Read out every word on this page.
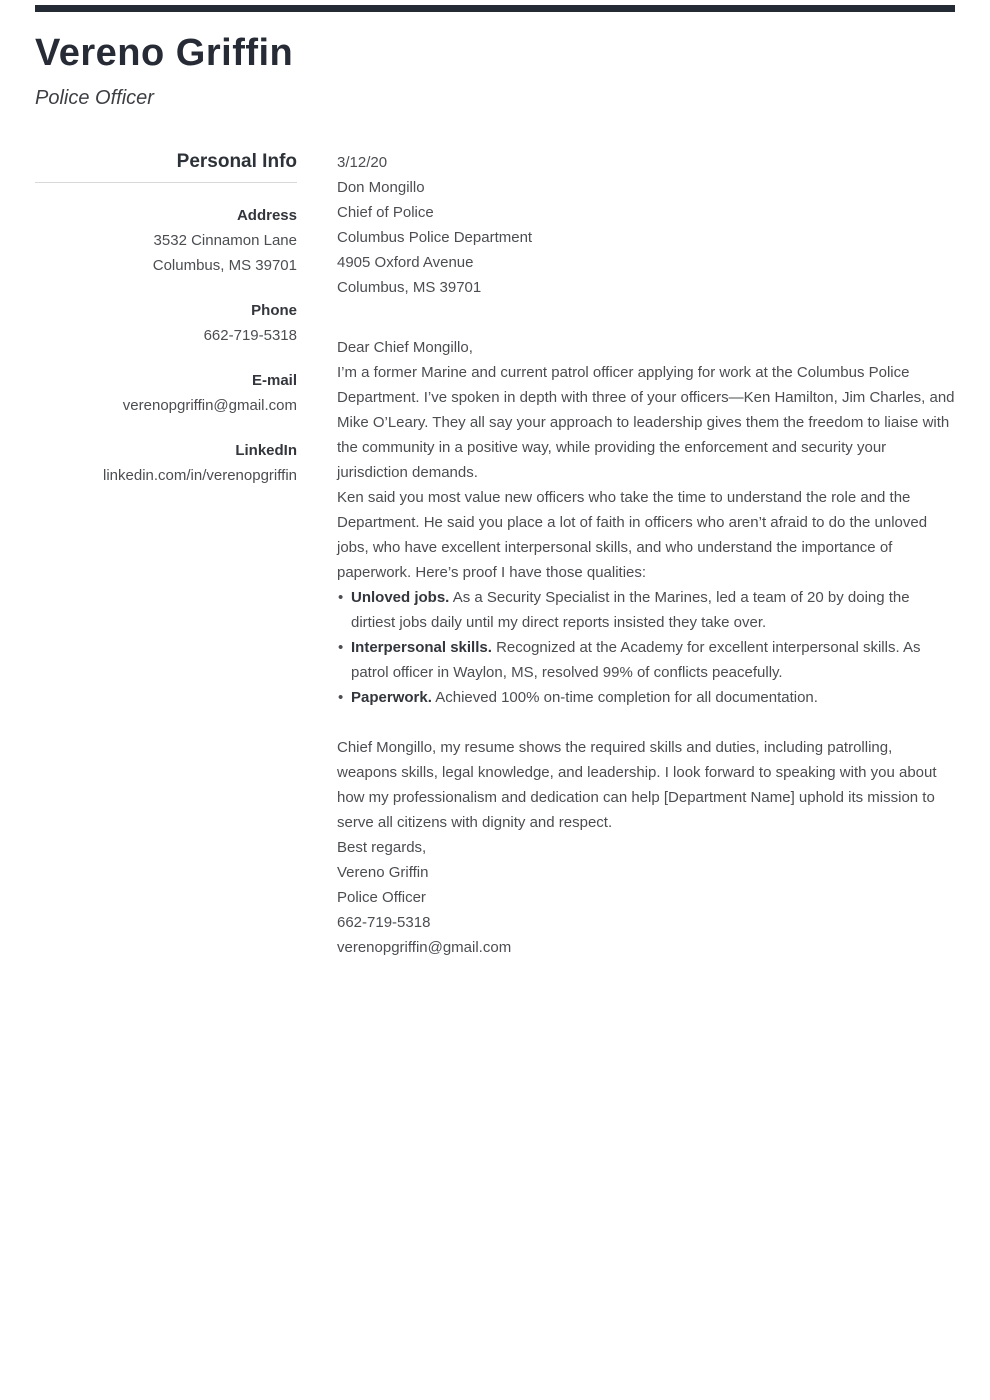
Vereno Griffin
Police Officer
Personal Info
Address
3532 Cinnamon Lane
Columbus, MS 39701
Phone
662-719-5318
E-mail
verenopgriffin@gmail.com
LinkedIn
linkedin.com/in/verenopgriffin

3/12/20

Don Mongillo

Chief of Police

Columbus Police Department

4905 Oxford Avenue

Columbus, MS 39701

Dear Chief Mongillo,

I’m a former Marine and current patrol officer applying for work at the Columbus Police Department. I’ve spoken in depth with three of your officers—Ken Hamilton, Jim Charles, and Mike O’Leary. They all say your approach to leadership gives them the freedom to liaise with the community in a positive way, while providing the enforcement and security your jurisdiction demands.

Ken said you most value new officers who take the time to understand the role and the Department. He said you place a lot of faith in officers who aren’t afraid to do the unloved jobs, who have excellent interpersonal skills, and who understand the importance of paperwork. Here’s proof I have those qualities:

• Unloved jobs. As a Security Specialist in the Marines, led a team of 20 by doing the dirtiest jobs daily until my direct reports insisted they take over.
• Interpersonal skills. Recognized at the Academy for excellent interpersonal skills. As patrol officer in Waylon, MS, resolved 99% of conflicts peacefully.
• Paperwork. Achieved 100% on-time completion for all documentation.

Chief Mongillo, my resume shows the required skills and duties, including patrolling, weapons skills, legal knowledge, and leadership. I look forward to speaking with you about how my professionalism and dedication can help [Department Name] uphold its mission to serve all citizens with dignity and respect.

Best regards,

Vereno Griffin
Police Officer
662-719-5318
verenopgriffin@gmail.com
